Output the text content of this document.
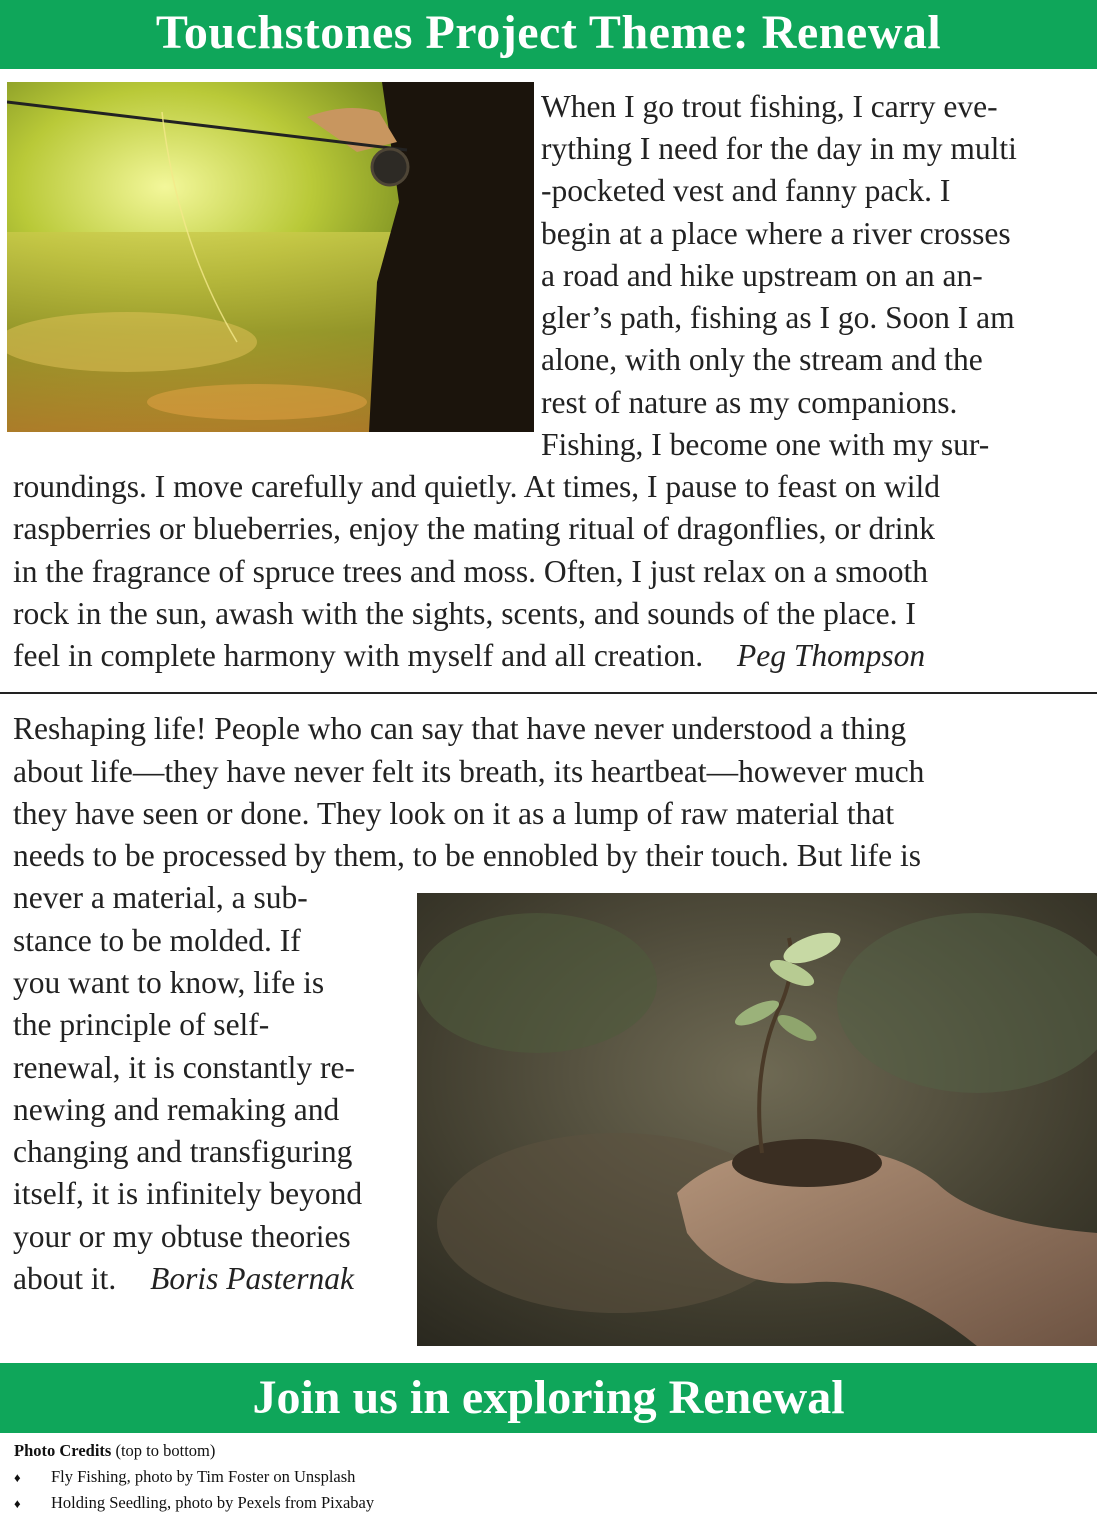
Touchstones Project Theme: Renewal
When I go trout fishing, I carry eve-
rything I need for the day in my multi
-pocketed vest and fanny pack. I
begin at a place where a river crosses
a road and hike upstream on an an-
gler’s path, fishing as I go. Soon I am
alone, with only the stream and the
rest of nature as my companions.
Fishing, I become one with my sur-
roundings. I move carefully and quietly. At times, I pause to feast on wild
raspberries or blueberries, enjoy the mating ritual of dragonflies, or drink
in the fragrance of spruce trees and moss. Often, I just relax on a smooth
rock in the sun, awash with the sights, scents, and sounds of the place. I
feel in complete harmony with myself and all creation. Peg Thompson
Reshaping life! People who can say that have never understood a thing
about life—they have never felt its breath, its heartbeat—however much
they have seen or done. They look on it as a lump of raw material that
needs to be processed by them, to be ennobled by their touch. But life is
never a material, a sub-
stance to be molded. If
you want to know, life is
the principle of self-
renewal, it is constantly re-
newing and remaking and
changing and transfiguring
itself, it is infinitely beyond
your or my obtuse theories
about it. Boris Pasternak
Join us in exploring Renewal
Photo Credits (top to bottom)
♦ Fly Fishing, photo by Tim Foster on Unsplash
♦ Holding Seedling, photo by Pexels from Pixabay
